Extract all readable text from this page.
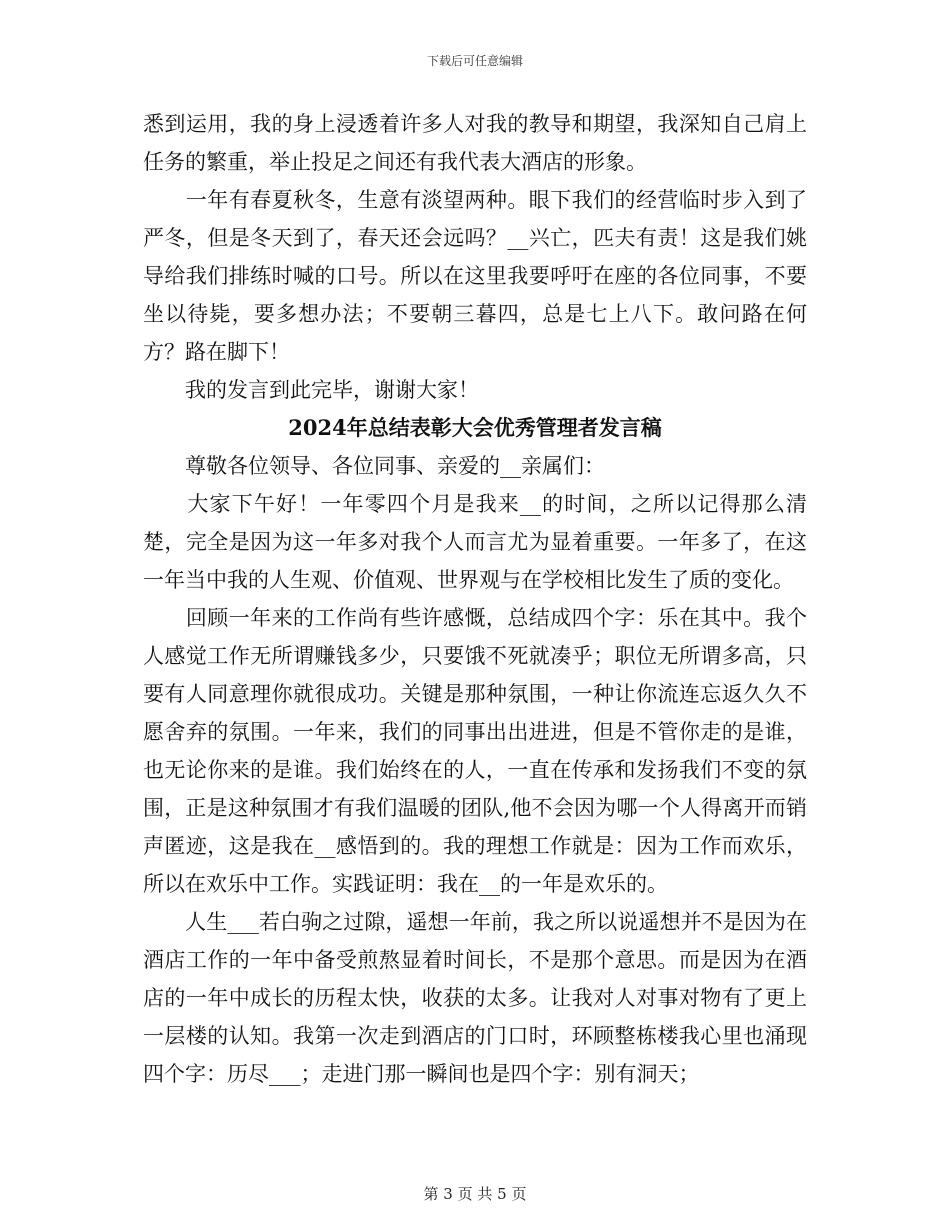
下载后可任意编辑

悉到运用，我的身上浸透着许多人对我的教导和期望，我深知自己肩上任务的繁重，举止投足之间还有我代表大酒店的形象。

　　一年有春夏秋冬，生意有淡望两种。眼下我们的经营临时步入到了严冬，但是冬天到了，春天还会远吗？__兴亡，匹夫有责！这是我们姚导给我们排练时喊的口号。所以在这里我要呼吁在座的各位同事，不要坐以待毙，要多想办法；不要朝三暮四，总是七上八下。敢问路在何方？路在脚下！

　　我的发言到此完毕，谢谢大家！

2024年总结表彰大会优秀管理者发言稿

　　尊敬各位领导、各位同事、亲爱的__亲属们：

　　大家下午好！一年零四个月是我来__的时间，之所以记得那么清楚，完全是因为这一年多对我个人而言尤为显着重要。一年多了，在这一年当中我的人生观、价值观、世界观与在学校相比发生了质的变化。

　　回顾一年来的工作尚有些许感慨，总结成四个字：乐在其中。我个人感觉工作无所谓赚钱多少，只要饿不死就凑乎；职位无所谓多高，只要有人同意理你就很成功。关键是那种氛围，一种让你流连忘返久久不愿舍弃的氛围。一年来，我们的同事出出进进，但是不管你走的是谁，也无论你来的是谁。我们始终在的人，一直在传承和发扬我们不变的氛围，正是这种氛围才有我们温暖的团队,他不会因为哪一个人得离开而销声匿迹，这是我在__感悟到的。我的理想工作就是：因为工作而欢乐，所以在欢乐中工作。实践证明：我在__的一年是欢乐的。

　　人生___若白驹之过隙，遥想一年前，我之所以说遥想并不是因为在酒店工作的一年中备受煎熬显着时间长，不是那个意思。而是因为在酒店的一年中成长的历程太快，收获的太多。让我对人对事对物有了更上一层楼的认知。我第一次走到酒店的门口时，环顾整栋楼我心里也涌现四个字：历尽___；走进门那一瞬间也是四个字：别有洞天；

第 3 页 共 5 页
